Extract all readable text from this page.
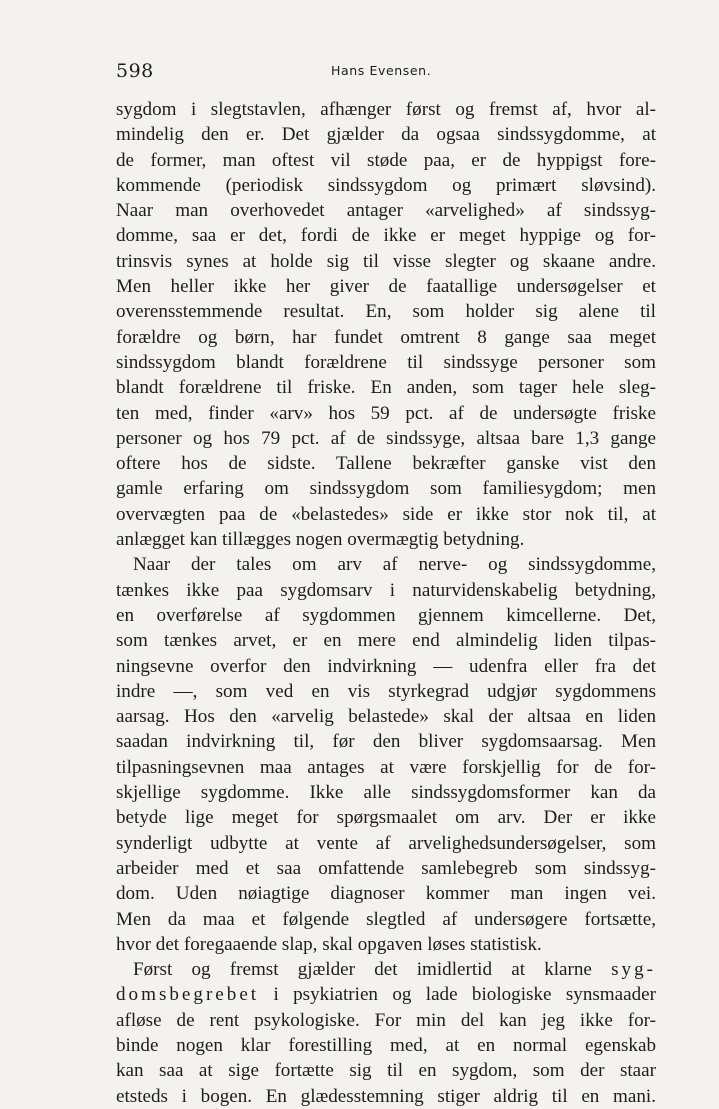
598	Hans Evensen.
sygdom i slegtstavlen, afhænger først og fremst af, hvor al-
mindelig den er. Det gjælder da ogsaa sindssygdomme, at
de former, man oftest vil støde paa, er de hyppigst fore-
kommende (periodisk sindssygdom og primært sløvsind).
Naar man overhovedet antager «arvelighed» af sindssyg-
domme, saa er det, fordi de ikke er meget hyppige og for-
trinsvis synes at holde sig til visse slegter og skaane andre.
Men heller ikke her giver de faatallige undersøgelser et
overensstemmende resultat. En, som holder sig alene til
forældre og børn, har fundet omtrent 8 gange saa meget
sindssygdom blandt forældrene til sindssyge personer som
blandt forældrene til friske. En anden, som tager hele sleg-
ten med, finder «arv» hos 59 pct. af de undersøgte friske
personer og hos 79 pct. af de sindssyge, altsaa bare 1,3 gange
oftere hos de sidste. Tallene bekræfter ganske vist den
gamle erfaring om sindssygdom som familiesygdom; men
overvægten paa de «belastedes» side er ikke stor nok til, at
anlægget kan tillægges nogen overmægtig betydning.
Naar der tales om arv af nerve- og sindssygdomme,
tænkes ikke paa sygdomsarv i naturvidenskabelig betydning,
en overførelse af sygdommen gjennem kimcellerne. Det,
som tænkes arvet, er en mere end almindelig liden tilpas-
ningsevne overfor den indvirkning — udenfra eller fra det
indre —, som ved en vis styrkegrad udgjør sygdommens
aarsag. Hos den «arvelig belastede» skal der altsaa en liden
saadan indvirkning til, før den bliver sygdomsaarsag. Men
tilpasningsevnen maa antages at være forskjellig for de for-
skjellige sygdomme. Ikke alle sindssygdomsformer kan da
betyde lige meget for spørgsmaalet om arv. Der er ikke
synderligt udbytte at vente af arvelighedsundersøgelser, som
arbeider med et saa omfattende samlebegreb som sindssyg-
dom. Uden nøiagtige diagnoser kommer man ingen vei.
Men da maa et følgende slegtled af undersøgere fortsætte,
hvor det foregaaende slap, skal opgaven løses statistisk.
Først og fremst gjælder det imidlertid at klarne syg-
domsbegrebet i psykiatrien og lade biologiske synsmaader
afløse de rent psykologiske. For min del kan jeg ikke for-
binde nogen klar forestilling med, at en normal egenskab
kan saa at sige fortætte sig til en sygdom, som der staar
etsteds i bogen. En glædesstemning stiger aldrig til en mani.
